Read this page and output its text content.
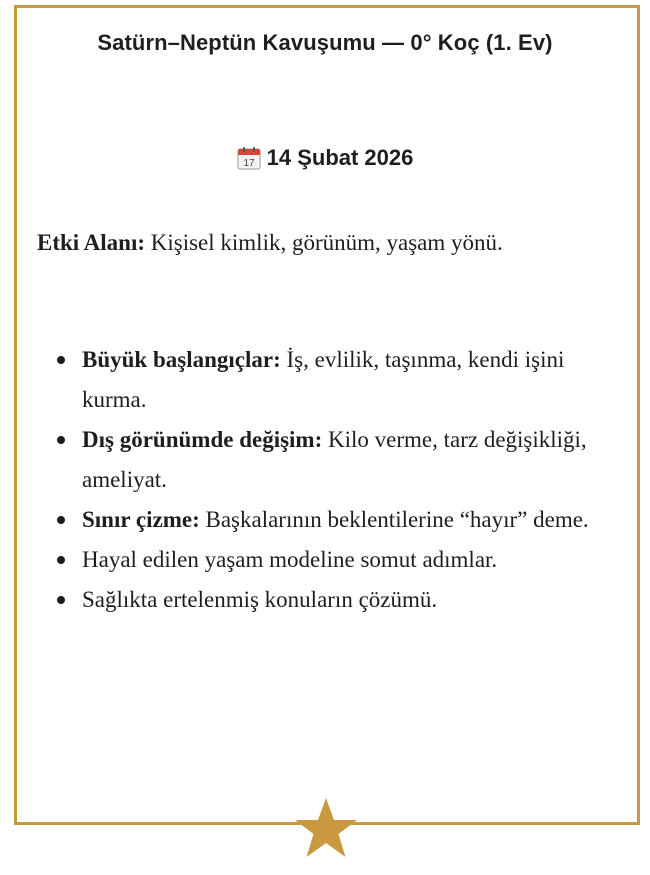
Satürn–Neptün Kavuşumu — 0° Koç (1. Ev)
17 14 Şubat 2026
Etki Alanı: Kişisel kimlik, görünüm, yaşam yönü.
Büyük başlangıçlar: İş, evlilik, taşınma, kendi işini kurma.
Dış görünümde değişim: Kilo verme, tarz değişikliği, ameliyat.
Sınır çizme: Başkalarının beklentilerine “hayır” deme.
Hayal edilen yaşam modeline somut adımlar.
Sağlıkta ertelenmiş konuların çözümü.
